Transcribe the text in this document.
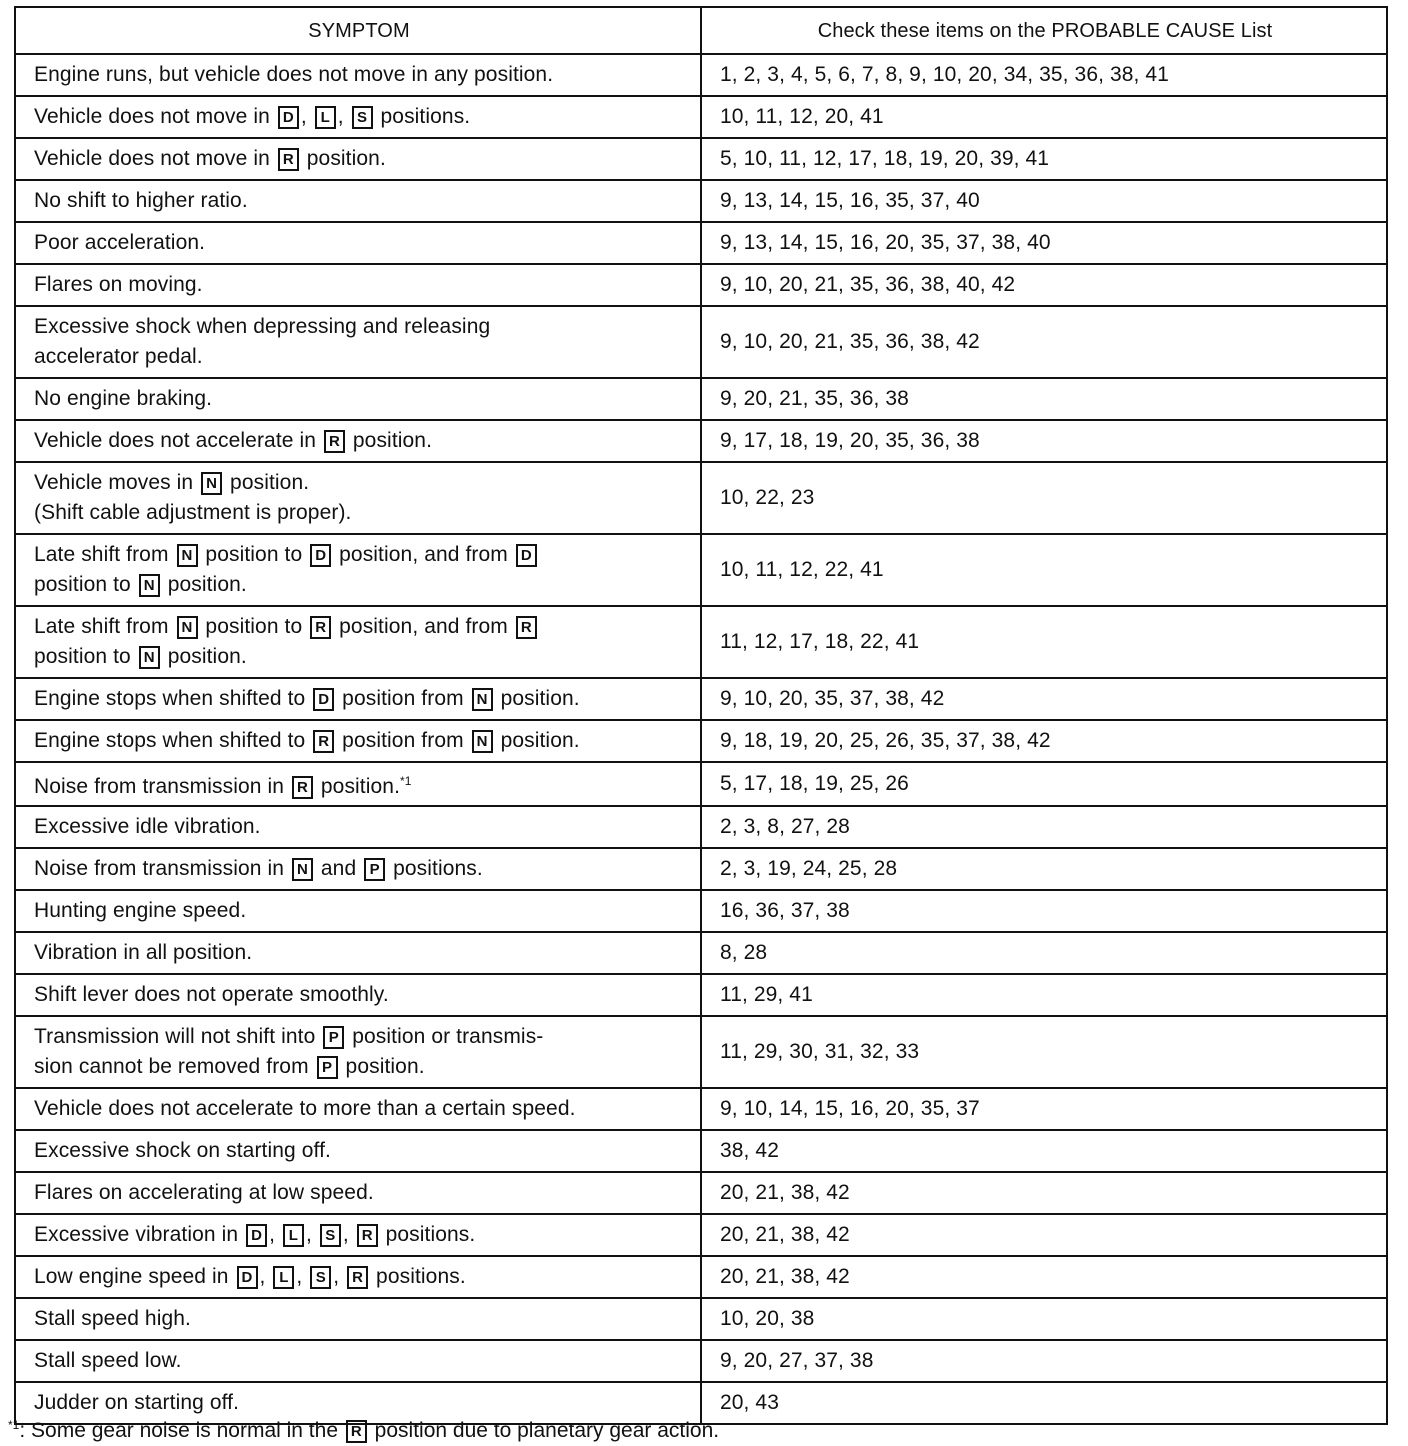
SYMPTOM	Check these items on the PROBABLE CAUSE List
Engine runs, but vehicle does not move in any position.	1, 2, 3, 4, 5, 6, 7, 8, 9, 10, 20, 34, 35, 36, 38, 41
Vehicle does not move in D , L , S positions.	10, 11, 12, 20, 41
Vehicle does not move in R position.	5, 10, 11, 12, 17, 18, 19, 20, 39, 41
No shift to higher ratio.	9, 13, 14, 15, 16, 35, 37, 40
Poor acceleration.	9, 13, 14, 15, 16, 20, 35, 37, 38, 40
Flares on moving.	9, 10, 20, 21, 35, 36, 38, 40, 42
Excessive shock when depressing and releasing
accelerator pedal.	9, 10, 20, 21, 35, 36, 38, 42
No engine braking.	9, 20, 21, 35, 36, 38
Vehicle does not accelerate in R position.	9, 17, 18, 19, 20, 35, 36, 38
Vehicle moves in N position.
(Shift cable adjustment is proper).	10, 22, 23
Late shift from N position to D position, and from D
position to N position.	10, 11, 12, 22, 41
Late shift from N position to R position, and from R
position to N position.	11, 12, 17, 18, 22, 41
Engine stops when shifted to D position from N position.	9, 10, 20, 35, 37, 38, 42
Engine stops when shifted to R position from N position.	9, 18, 19, 20, 25, 26, 35, 37, 38, 42
Noise from transmission in R position.$^{*1}$	5, 17, 18, 19, 25, 26
Excessive idle vibration.	2, 3, 8, 27, 28
Noise from transmission in N and P positions.	2, 3, 19, 24, 25, 28
Hunting engine speed.	16, 36, 37, 38
Vibration in all position.	8, 28
Shift lever does not operate smoothly.	11, 29, 41
Transmission will not shift into P position or transmis-
sion cannot be removed from P position.	11, 29, 30, 31, 32, 33
Vehicle does not accelerate to more than a certain speed.	9, 10, 14, 15, 16, 20, 35, 37
Excessive shock on starting off.	38, 42
Flares on accelerating at low speed.	20, 21, 38, 42
Excessive vibration in D , L , S , R positions.	20, 21, 38, 42
Low engine speed in D , L , S , R positions.	20, 21, 38, 42
Stall speed high.	10, 20, 38
Stall speed low.	9, 20, 27, 37, 38
Judder on starting off.	20, 43
$^{*1}$: Some gear noise is normal in the R position due to planetary gear action.
